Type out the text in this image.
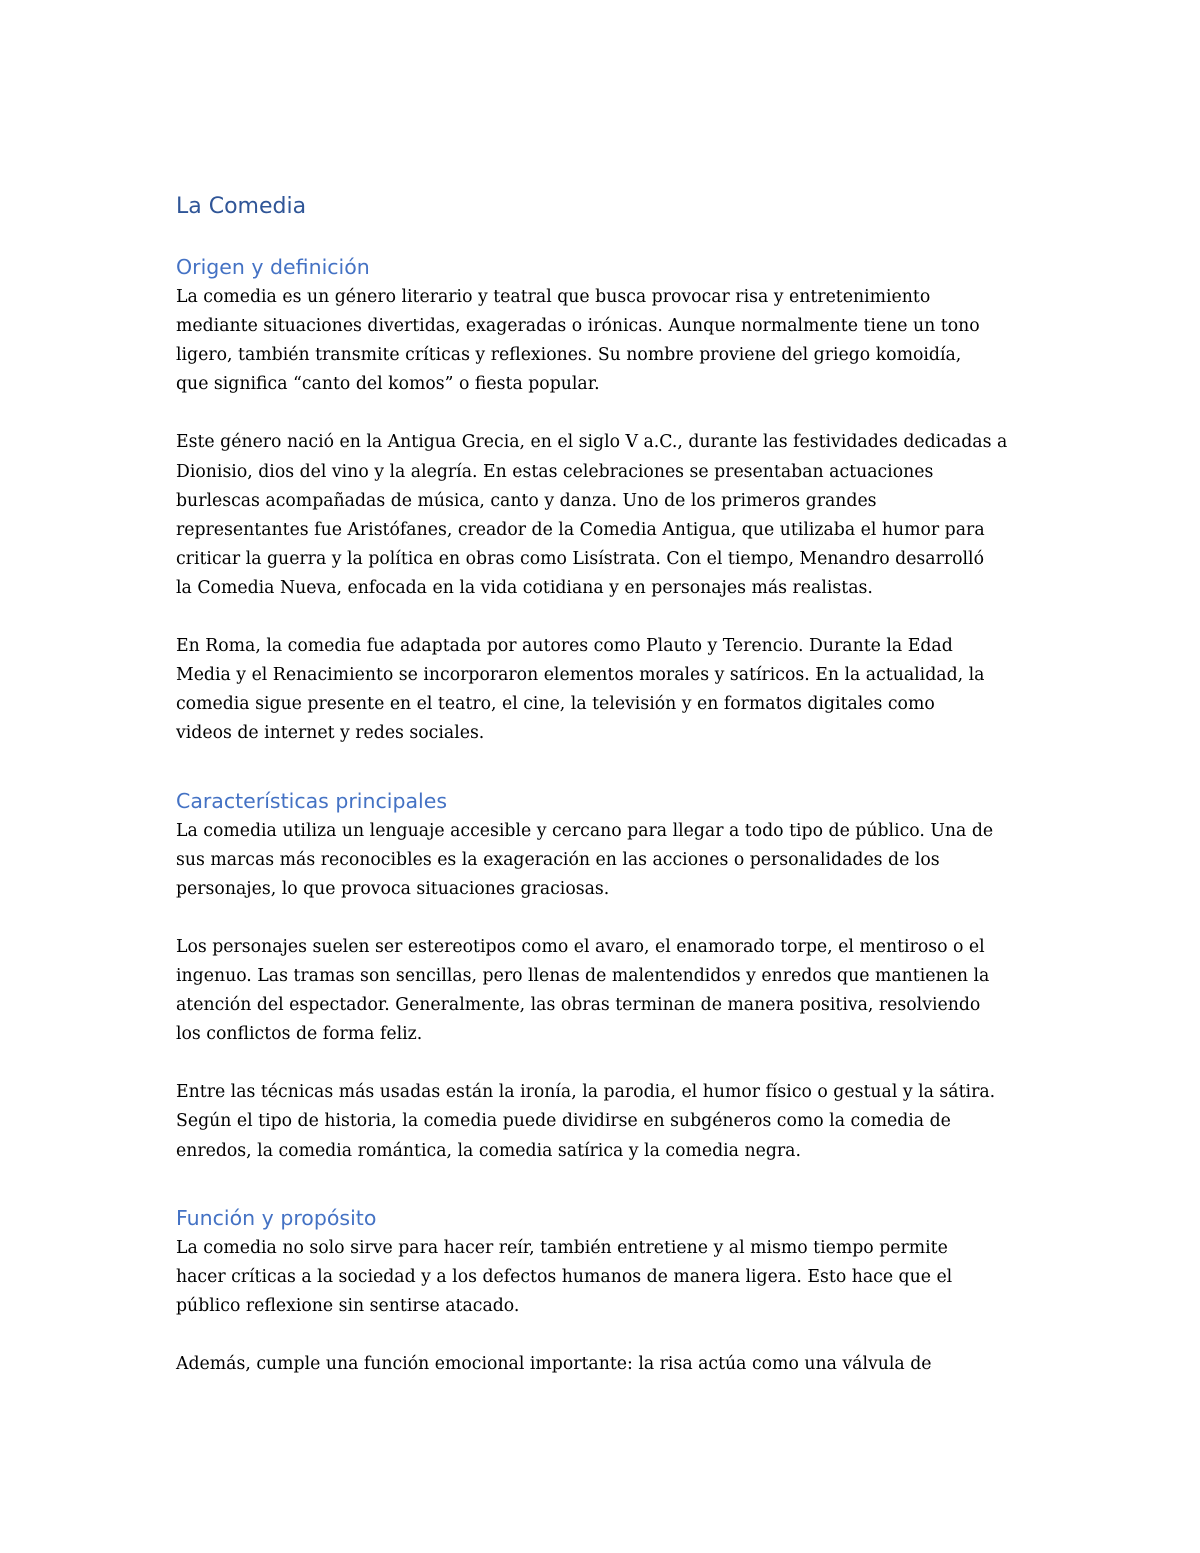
La Comedia
Origen y definición

La comedia es un género literario y teatral que busca provocar risa y entretenimiento
mediante situaciones divertidas, exageradas o irónicas. Aunque normalmente tiene un tono
ligero, también transmite críticas y reflexiones. Su nombre proviene del griego komoidía,
que significa “canto del komos” o fiesta popular.

Este género nació en la Antigua Grecia, en el siglo V a.C., durante las festividades dedicadas a
Dionisio, dios del vino y la alegría. En estas celebraciones se presentaban actuaciones
burlescas acompañadas de música, canto y danza. Uno de los primeros grandes
representantes fue Aristófanes, creador de la Comedia Antigua, que utilizaba el humor para
criticar la guerra y la política en obras como Lisístrata. Con el tiempo, Menandro desarrolló
la Comedia Nueva, enfocada en la vida cotidiana y en personajes más realistas.

En Roma, la comedia fue adaptada por autores como Plauto y Terencio. Durante la Edad
Media y el Renacimiento se incorporaron elementos morales y satíricos. En la actualidad, la
comedia sigue presente en el teatro, el cine, la televisión y en formatos digitales como
videos de internet y redes sociales.

Características principales

La comedia utiliza un lenguaje accesible y cercano para llegar a todo tipo de público. Una de
sus marcas más reconocibles es la exageración en las acciones o personalidades de los
personajes, lo que provoca situaciones graciosas.

Los personajes suelen ser estereotipos como el avaro, el enamorado torpe, el mentiroso o el
ingenuo. Las tramas son sencillas, pero llenas de malentendidos y enredos que mantienen la
atención del espectador. Generalmente, las obras terminan de manera positiva, resolviendo
los conflictos de forma feliz.

Entre las técnicas más usadas están la ironía, la parodia, el humor físico o gestual y la sátira.
Según el tipo de historia, la comedia puede dividirse en subgéneros como la comedia de
enredos, la comedia romántica, la comedia satírica y la comedia negra.

Función y propósito

La comedia no solo sirve para hacer reír, también entretiene y al mismo tiempo permite
hacer críticas a la sociedad y a los defectos humanos de manera ligera. Esto hace que el
público reflexione sin sentirse atacado.

Además, cumple una función emocional importante: la risa actúa como una válvula de
